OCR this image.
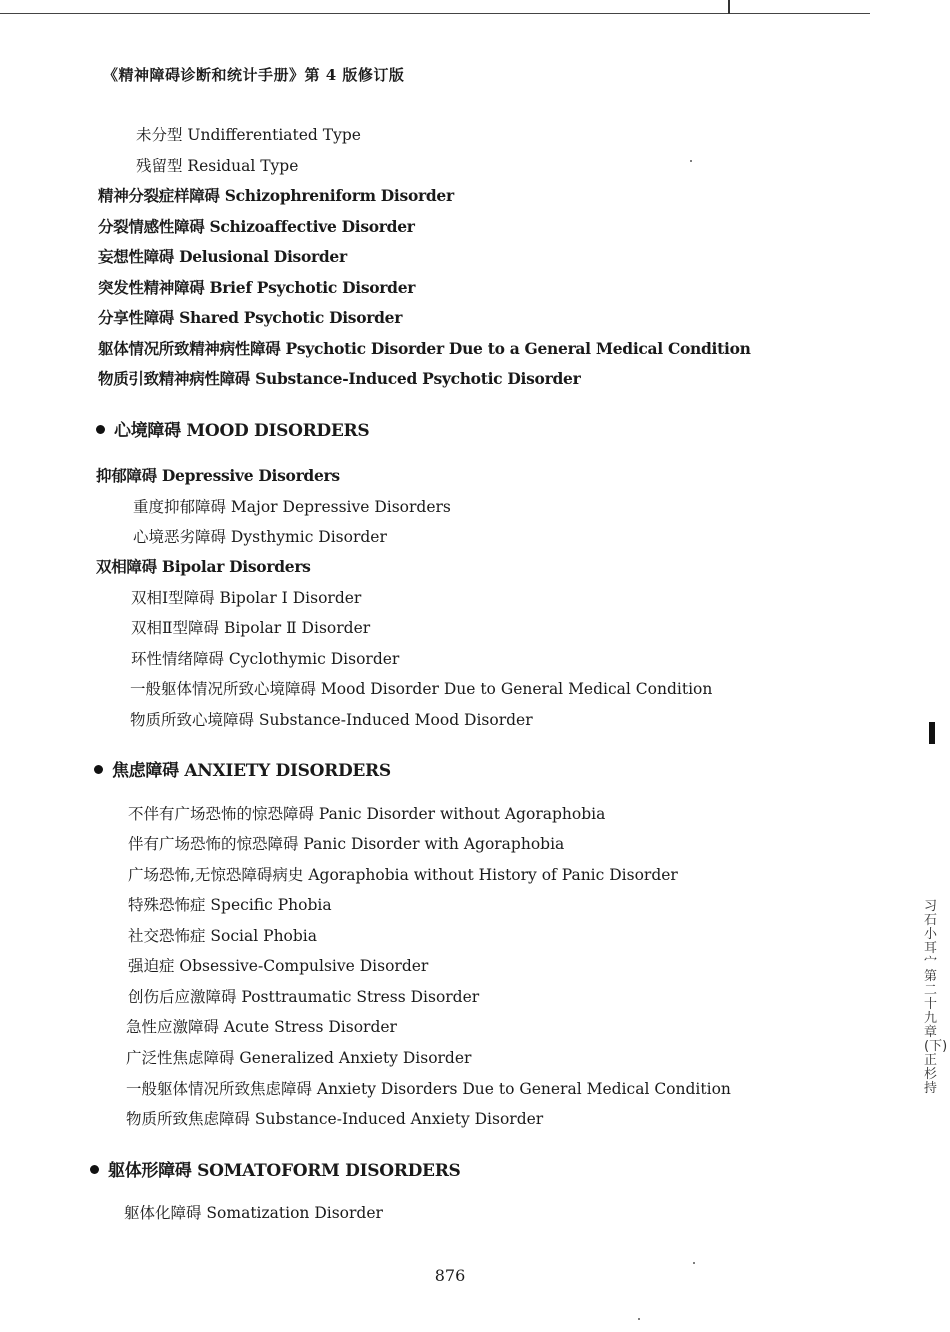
《精神障碍诊断和统计手册》第 4 版修订版
未分型 Undifferentiated Type
残留型 Residual Type
精神分裂症样障碍 Schizophreniform Disorder
分裂情感性障碍 Schizoaffective Disorder
妄想性障碍 Delusional Disorder
突发性精神障碍 Brief Psychotic Disorder
分享性障碍 Shared Psychotic Disorder
躯体情况所致精神病性障碍 Psychotic Disorder Due to a General Medical Condition
物质引致精神病性障碍 Substance-Induced Psychotic Disorder
心境障碍 MOOD DISORDERS
抑郁障碍 Depressive Disorders
重度抑郁障碍 Major Depressive Disorders
心境恶劣障碍 Dysthymic Disorder
双相障碍 Bipolar Disorders
双相Ⅰ型障碍 Bipolar Ⅰ Disorder
双相Ⅱ型障碍 Bipolar Ⅱ Disorder
环性情绪障碍 Cyclothymic Disorder
一般躯体情况所致心境障碍 Mood Disorder Due to General Medical Condition
物质所致心境障碍 Substance-Induced Mood Disorder
焦虑障碍 ANXIETY DISORDERS
不伴有广场恐怖的惊恐障碍 Panic Disorder without Agoraphobia
伴有广场恐怖的惊恐障碍 Panic Disorder with Agoraphobia
广场恐怖,无惊恐障碍病史 Agoraphobia without History of Panic Disorder
特殊恐怖症 Specific Phobia
社交恐怖症 Social Phobia
强迫症 Obsessive-Compulsive Disorder
创伤后应激障碍 Posttraumatic Stress Disorder
急性应激障碍 Acute Stress Disorder
广泛性焦虑障碍 Generalized Anxiety Disorder
一般躯体情况所致焦虑障碍 Anxiety Disorders Due to General Medical Condition
物质所致焦虑障碍 Substance-Induced Anxiety Disorder
躯体形障碍 SOMATOFORM DISORDERS
躯体化障碍 Somatization Disorder
876
习石小耳宀 第二十九章(下)正 杉持
